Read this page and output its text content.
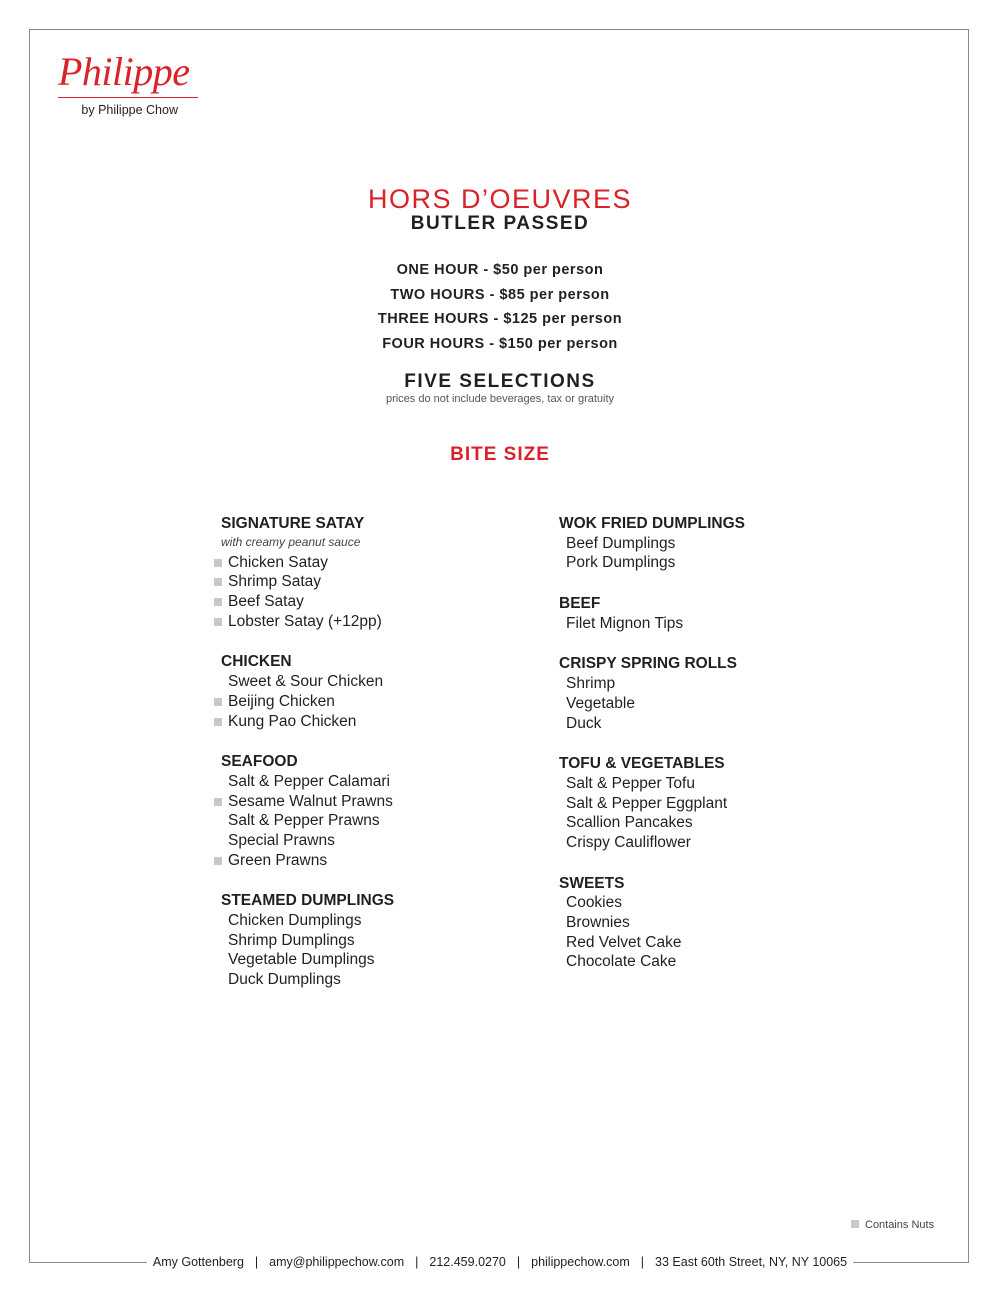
Philippe
by Philippe Chow
HORS D’OEUVRES
BUTLER PASSED
ONE HOUR - $50 per person
TWO HOURS - $85 per person
THREE HOURS - $125 per person
FOUR HOURS - $150 per person
FIVE SELECTIONS
prices do not include beverages, tax or gratuity
BITE SIZE
SIGNATURE SATAY
with creamy peanut sauce
Chicken Satay
Shrimp Satay
Beef Satay
Lobster Satay (+12pp)
CHICKEN
Sweet & Sour Chicken
Beijing Chicken
Kung Pao Chicken
SEAFOOD
Salt & Pepper Calamari
Sesame Walnut Prawns
Salt & Pepper Prawns
Special Prawns
Green Prawns
STEAMED DUMPLINGS
Chicken Dumplings
Shrimp Dumplings
Vegetable Dumplings
Duck Dumplings
WOK FRIED DUMPLINGS
Beef Dumplings
Pork Dumplings
BEEF
Filet Mignon Tips
CRISPY SPRING ROLLS
Shrimp
Vegetable
Duck
TOFU & VEGETABLES
Salt & Pepper Tofu
Salt & Pepper Eggplant
Scallion Pancakes
Crispy Cauliflower
SWEETS
Cookies
Brownies
Red Velvet Cake
Chocolate Cake
Contains Nuts
Amy Gottenberg | amy@philippechow.com | 212.459.0270 | philippechow.com | 33 East 60th Street, NY, NY 10065
